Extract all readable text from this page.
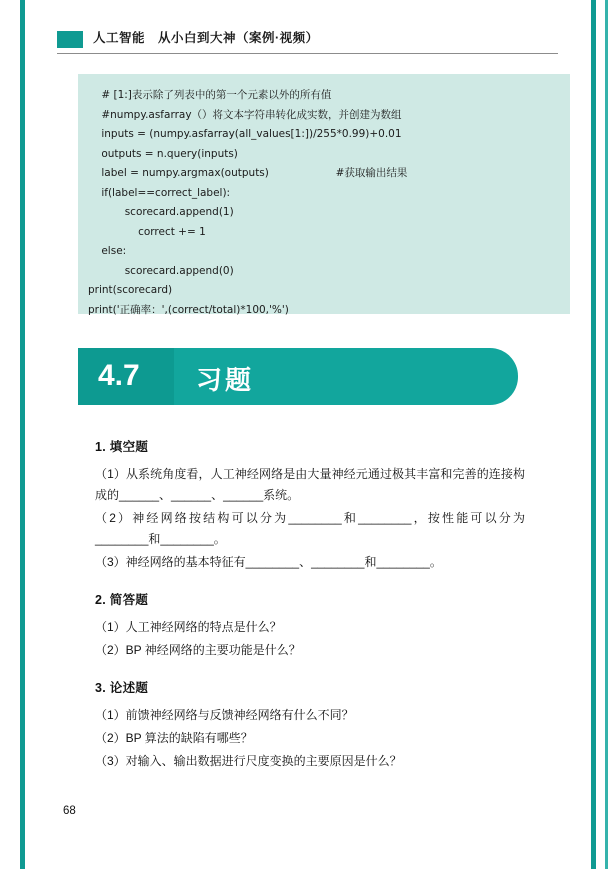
人工智能　从小白到大神（案例·视频）
# [1:]表示除了列表中的第一个元素以外的所有值
#numpy.asfarray（）将文本字符串转化成实数，并创建为数组
inputs = (numpy.asfarray(all_values[1:])/255*0.99)+0.01
outputs = n.query(inputs)
label = numpy.argmax(outputs)                    #获取输出结果
if(label==correct_label):
scorecard.append(1)
correct += 1
else:
scorecard.append(0)
print(scorecard)
print('正确率：',(correct/total)*100,'%')
4.7 习题

1. 填空题

（1）从系统角度看，人工神经网络是由大量神经元通过极其丰富和完善的连接构成的______、______、______系统。

（2）神经网络按结构可以分为________和________，按性能可以分为________和________。

（3）神经网络的基本特征有________、________和________。

2. 简答题

（1）人工神经网络的特点是什么？

（2）BP 神经网络的主要功能是什么？

3. 论述题

（1）前馈神经网络与反馈神经网络有什么不同？

（2）BP 算法的缺陷有哪些？

（3）对输入、输出数据进行尺度变换的主要原因是什么？

68
